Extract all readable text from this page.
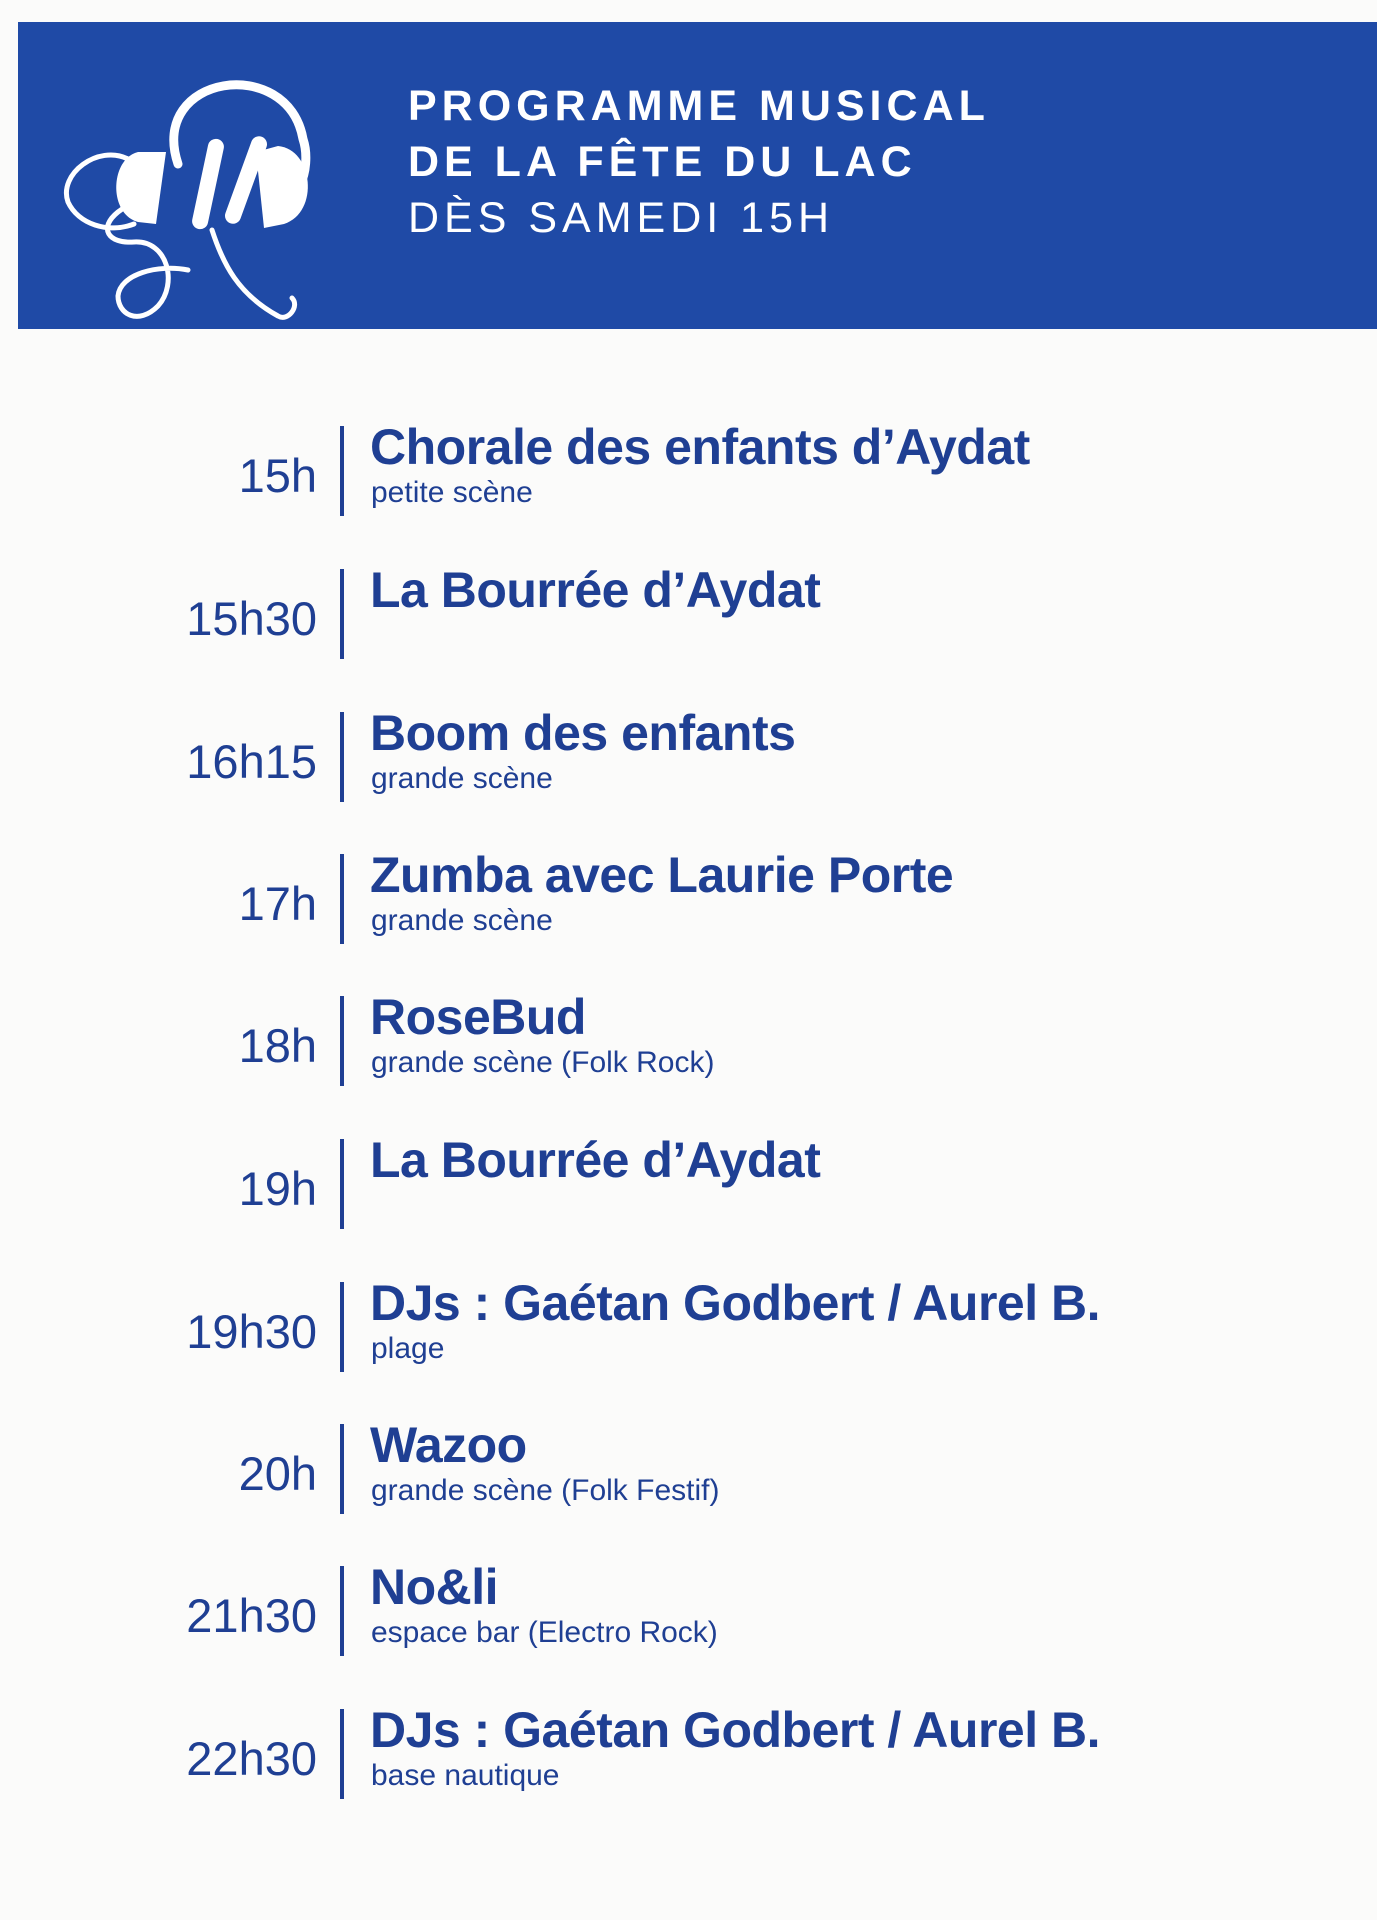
PROGRAMME MUSICAL
DE LA FÊTE DU LAC
DÈS SAMEDI 15H
15h
Chorale des enfants d’Aydat
petite scène
15h30
La Bourrée d’Aydat
16h15
Boom des enfants
grande scène
17h
Zumba avec Laurie Porte
grande scène
18h
RoseBud
grande scène (Folk Rock)
19h
La Bourrée d’Aydat
19h30
DJs : Gaétan Godbert / Aurel B.
plage
20h
Wazoo
grande scène (Folk Festif)
21h30
No&li
espace bar (Electro Rock)
22h30
DJs : Gaétan Godbert / Aurel B.
base nautique
